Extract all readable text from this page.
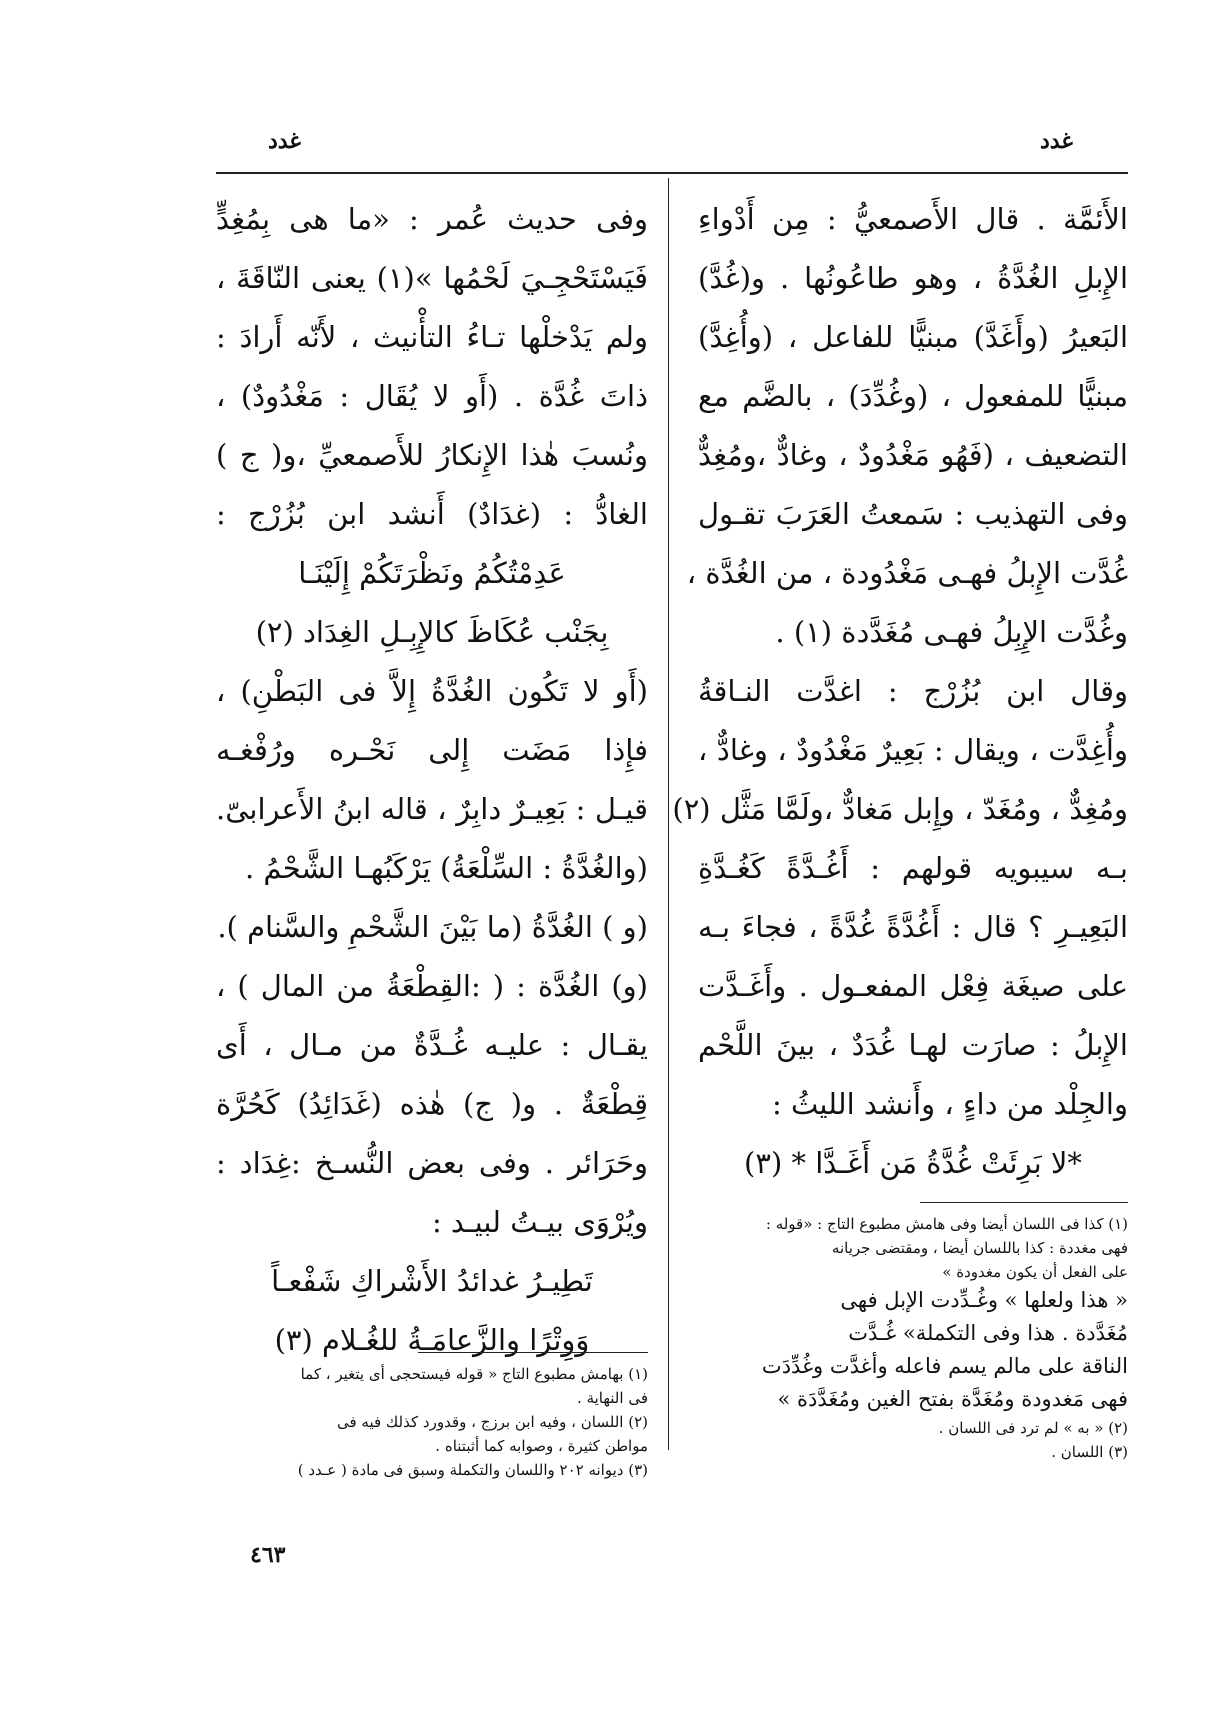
غدد	غدد
الأَئمَّة . قال الأَصمعيُّ : مِن أَدْواءِ
الإِبلِ الغُدَّةُ ، وهو طاعُونُها . و(غُدَّ)
البَعيرُ (وأَغَدَّ) مبنيًّا للفاعل ، (وأُغِدَّ)
مبنيًّا للمفعول ، (وغُدِّدَ) ، بالضَّم مع
التضعيف ، (فَهُو مَغْدُودٌ ، وغادٌّ ،ومُغِدٌّ
وفى التهذيب : سَمعتُ العَرَبَ تقـول
غُدَّت الإِبلُ فهـى مَغْدُودة ، من الغُدَّة ،
وغُدَّت الإِبِلُ فهـى مُغَدَّدة (١) .
وقال ابن بُزُرْج : اغدَّت النـاقةُ
وأُغِدَّت ، ويقال : بَعِيرٌ مَغْدُودٌ ، وغادٌّ ،
ومُغِدٌّ ، ومُغَدّ ، وإِبل مَغادٌّ ،ولَمَّا مَثَّل (٢)
بـه سيبويه قولهم : أَغُـدَّةً كَغُـدَّةِ
البَعِيـرِ ؟ قال : أَغُدَّةً غُدَّةً ، فجاءَ بـه
على صيغَة فِعْل المفعـول . وأَغَـدَّت
الإِبلُ : صارَت لهـا غُدَدٌ ، بينَ اللَّحْم
والجِلْد من داءٍ ، وأَنشد الليثُ :
*لا بَرِئَتْ غُدَّةُ مَن أَغَـدَّا * (٣)
وفى حديث عُمر : «ما هى بِمُغِدٍّ
فَيَسْتَحْجِـيَ لَحْمُها »(١) يعنى النّاقَةَ ،
ولم يَدْخلْها تـاءُ التأْنيث ، لأَنّه أَرادَ :
ذاتَ غُدَّة . (أَو لا يُقَال : مَغْدُودٌ) ،
ونُسبَ هٰذا الإِنكارُ للأَصمعيِّ ،و( ج )
الغادُّ : (غدَادٌ) أَنشد ابن بُزُرْج :
عَدِمْتُكُمُ ونَظْرَتَكُمْ إِلَيْنَـا
بِجَنْب عُكَاظَ كالإِبِـلِ الغِدَاد (٢)
(أَو لا تَكُون الغُدَّةُ إِلاَّ فى البَطْنِ) ،
فإِذا مَضَت إِلى نَحْـره ورُفْغـه
قيـل : بَعِيـرٌ دابِرٌ ، قاله ابنُ الأَعرابىّ.
(والغُدَّةُ : السِّلْعَةُ) يَرْكَبُهـا الشَّحْمُ .
(و ) الغُدَّةُ (ما بَيْنَ الشَّحْمِ والسَّنام ).
(و) الغُدَّة : ( :القِطْعَةُ من المال ) ،
يقـال : عليـه غُـدَّةٌ من مـال ، أَى
قِطْعَةٌ . و( ج) هٰذه (غَدَائِدُ) كَحُرَّة
وحَرَائر . وفى بعض النُّسـخ :غِدَاد :
ويُرْوَى بيـتُ لبيـد :
تَطِيـرُ غدائدُ الأَشْراكِ شَفْعـاً
وَوِتْرًا والزَّعامَـةُ للغُـلام (٣)
(١) كذا فى اللسان أيضا وفى هامش مطبوع التاج : «قوله :
فهى مغددة : كذا باللسان أيضا ، ومقتضى جريانه
على الفعل أن يكون مغدودة »
« هذا ولعلها » وغُـدِّدت الإبل فهى
مُغَدَّدة . هذا وفى التكملة» غُـدَّت
الناقة على مالم يسم فاعله وأغدَّت وغُدِّدَت
فهى مَغدودة ومُغَدَّة بفتح الغين ومُغَدَّدَة »
(٢) « به » لم ترد فى اللسان .
(٣) اللسان .
(١) بهامش مطبوع التاج « قوله فيستحجى أى يتغير ، كما
فى النهاية .
(٢) اللسان ، وفيه ابن برزج ، وقدورد كذلك فيه فى
مواطن كثيرة ، وصوابه كما أثبتناه .
(٣) ديوانه ٢٠٢ واللسان والتكملة وسبق فى مادة ( عـدد )
٤٦٣
